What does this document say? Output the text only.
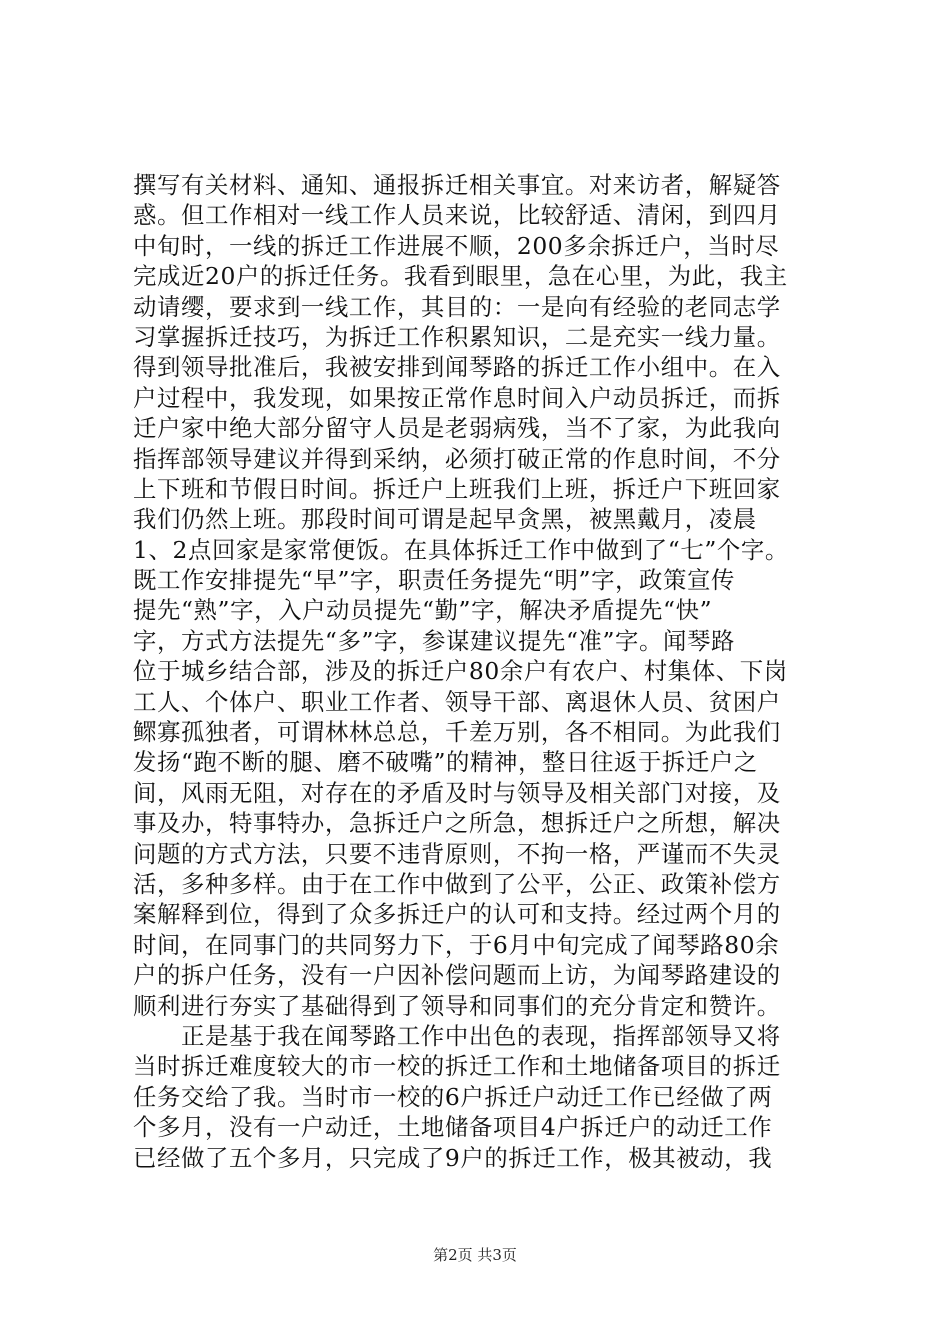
撰写有关材料、通知、通报拆迁相关事宜。对来访者，解疑答
惑。但工作相对一线工作人员来说，比较舒适、清闲，到四月
中旬时，一线的拆迁工作进展不顺，200多余拆迁户，当时尽
完成近20户的拆迁任务。我看到眼里，急在心里，为此，我主
动请缨，要求到一线工作，其目的：一是向有经验的老同志学
习掌握拆迁技巧，为拆迁工作积累知识，二是充实一线力量。
得到领导批准后，我被安排到闻琴路的拆迁工作小组中。在入
户过程中，我发现，如果按正常作息时间入户动员拆迁，而拆
迁户家中绝大部分留守人员是老弱病残，当不了家，为此我向
指挥部领导建议并得到采纳，必须打破正常的作息时间，不分
上下班和节假日时间。拆迁户上班我们上班，拆迁户下班回家
我们仍然上班。那段时间可谓是起早贪黑，被黑戴月，凌晨
1、2点回家是家常便饭。在具体拆迁工作中做到了“七”个字。
既工作安排提先“早”字，职责任务提先“明”字，政策宣传
提先“熟”字，入户动员提先“勤”字，解决矛盾提先“快”
字，方式方法提先“多”字，参谋建议提先“准”字。闻琴路
位于城乡结合部，涉及的拆迁户80余户有农户、村集体、下岗
工人、个体户、职业工作者、领导干部、离退休人员、贫困户
鳏寡孤独者，可谓林林总总，千差万别，各不相同。为此我们
发扬“跑不断的腿、磨不破嘴”的精神，整日往返于拆迁户之
间，风雨无阻，对存在的矛盾及时与领导及相关部门对接，及
事及办，特事特办，急拆迁户之所急，想拆迁户之所想，解决
问题的方式方法，只要不违背原则，不拘一格，严谨而不失灵
活，多种多样。由于在工作中做到了公平，公正、政策补偿方
案解释到位，得到了众多拆迁户的认可和支持。经过两个月的
时间，在同事门的共同努力下，于6月中旬完成了闻琴路80余
户的拆户任务，没有一户因补偿问题而上访，为闻琴路建设的
顺利进行夯实了基础得到了领导和同事们的充分肯定和赞许。
　　正是基于我在闻琴路工作中出色的表现，指挥部领导又将
当时拆迁难度较大的市一校的拆迁工作和土地储备项目的拆迁
任务交给了我。当时市一校的6户拆迁户动迁工作已经做了两
个多月，没有一户动迁，土地储备项目4户拆迁户的动迁工作
已经做了五个多月，只完成了9户的拆迁工作，极其被动，我
第2页 共3页
